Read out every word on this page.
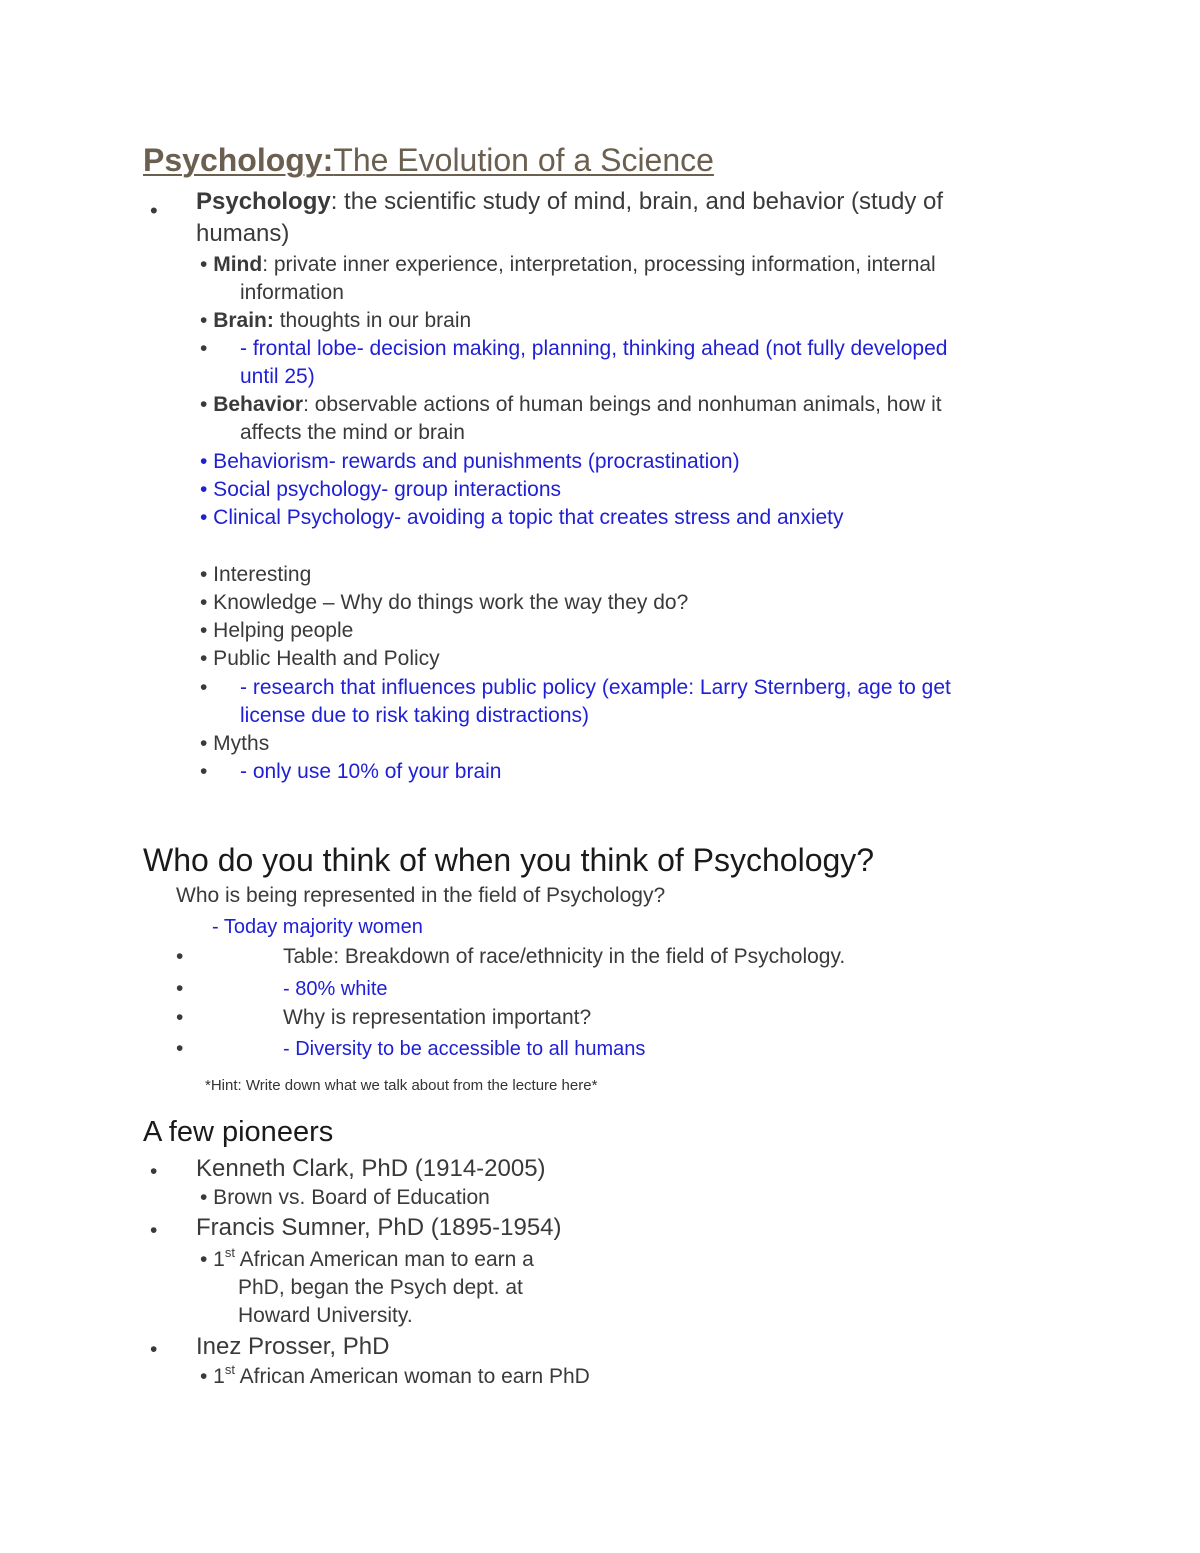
Psychology:The Evolution of a Science
• Psychology: the scientific study of mind, brain, and behavior (study of
humans)
• Mind: private inner experience, interpretation, processing information, internal
information
• Brain: thoughts in our brain
• - frontal lobe- decision making, planning, thinking ahead (not fully developed
until 25)
• Behavior: observable actions of human beings and nonhuman animals, how it
affects the mind or brain
• Behaviorism- rewards and punishments (procrastination)
• Social psychology- group interactions
• Clinical Psychology- avoiding a topic that creates stress and anxiety
• Interesting
• Knowledge – Why do things work the way they do?
• Helping people
• Public Health and Policy
• - research that influences public policy (example: Larry Sternberg, age to get
license due to risk taking distractions)
• Myths
• - only use 10% of your brain
Who do you think of when you think of Psychology?
Who is being represented in the field of Psychology?
- Today majority women
•	Table: Breakdown of race/ethnicity in the field of Psychology.
•	- 80% white
•	Why is representation important?
•	- Diversity to be accessible to all humans
*Hint: Write down what we talk about from the lecture here*
A few pioneers
• Kenneth Clark, PhD (1914-2005)
• Brown vs. Board of Education
• Francis Sumner, PhD (1895-1954)
• 1st African American man to earn a
PhD, began the Psych dept. at
Howard University.
• Inez Prosser, PhD
• 1st African American woman to earn PhD
